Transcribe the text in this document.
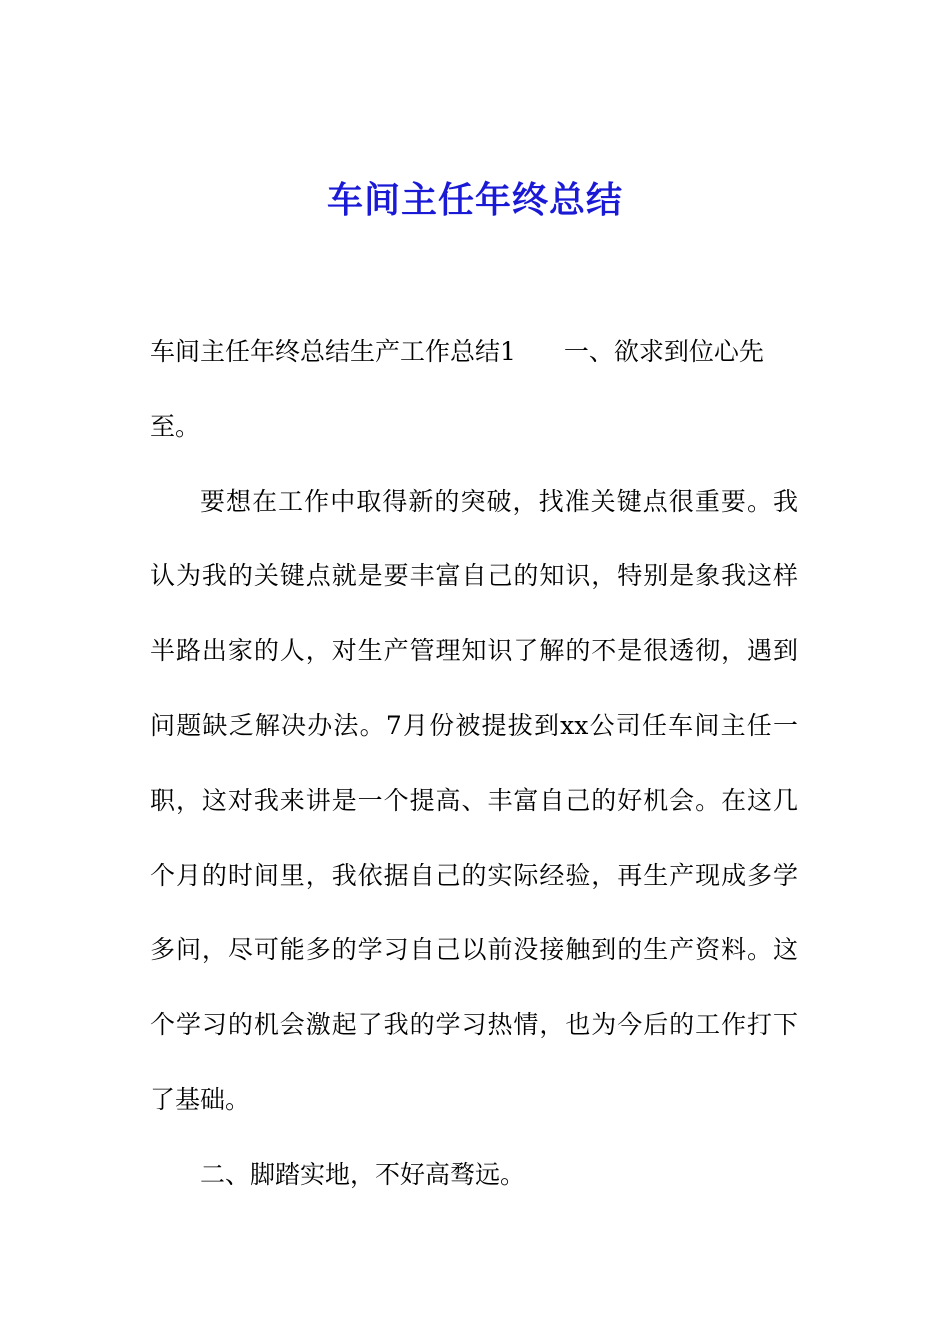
车间主任年终总结
车间主任年终总结生产工作总结1 一、欲求到位心先
至。
要想在工作中取得新的突破，找准关键点很重要。我
认为我的关键点就是要丰富自己的知识，特别是象我这样
半路出家的人，对生产管理知识了解的不是很透彻，遇到
问题缺乏解决办法。7月份被提拔到xx公司任车间主任一
职，这对我来讲是一个提高、丰富自己的好机会。在这几
个月的时间里，我依据自己的实际经验，再生产现成多学
多问，尽可能多的学习自己以前没接触到的生产资料。这
个学习的机会激起了我的学习热情，也为今后的工作打下
了基础。
二、脚踏实地，不好高骛远。
